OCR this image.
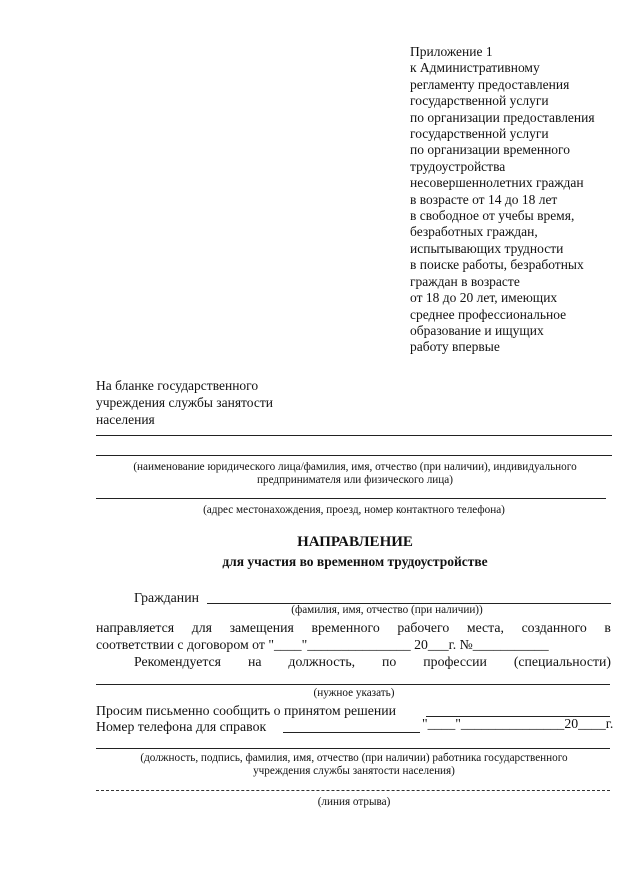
Приложение 1
к Административному
регламенту предоставления
государственной услуги
по организации предоставления
государственной услуги
по организации временного
трудоустройства
несовершеннолетних граждан
в возрасте от 14 до 18 лет
в свободное от учебы время,
безработных граждан,
испытывающих трудности
в поиске работы, безработных
граждан в возрасте
от 18 до 20 лет, имеющих
среднее профессиональное
образование и ищущих
работу впервые
На бланке государственного
учреждения службы занятости
населения
(наименование юридического лица/фамилия, имя, отчество (при наличии), индивидуального
предпринимателя или физического лица)
(адрес местонахождения, проезд, номер контактного телефона)
НАПРАВЛЕНИЕ
для участия во временном трудоустройстве
Гражданин
(фамилия, имя, отчество (при наличии))
направляется для замещения временного рабочего места, созданного в
соответствии с договором от "____"_______________ 20___г. №___________
Рекомендуется на должность, по профессии (специальности)
(нужное указать)
Просим письменно сообщить о принятом решении
Номер телефона для справок	"____"_______________20____г.
(должность, подпись, фамилия, имя, отчество (при наличии) работника государственного
учреждения службы занятости населения)
(линия отрыва)
